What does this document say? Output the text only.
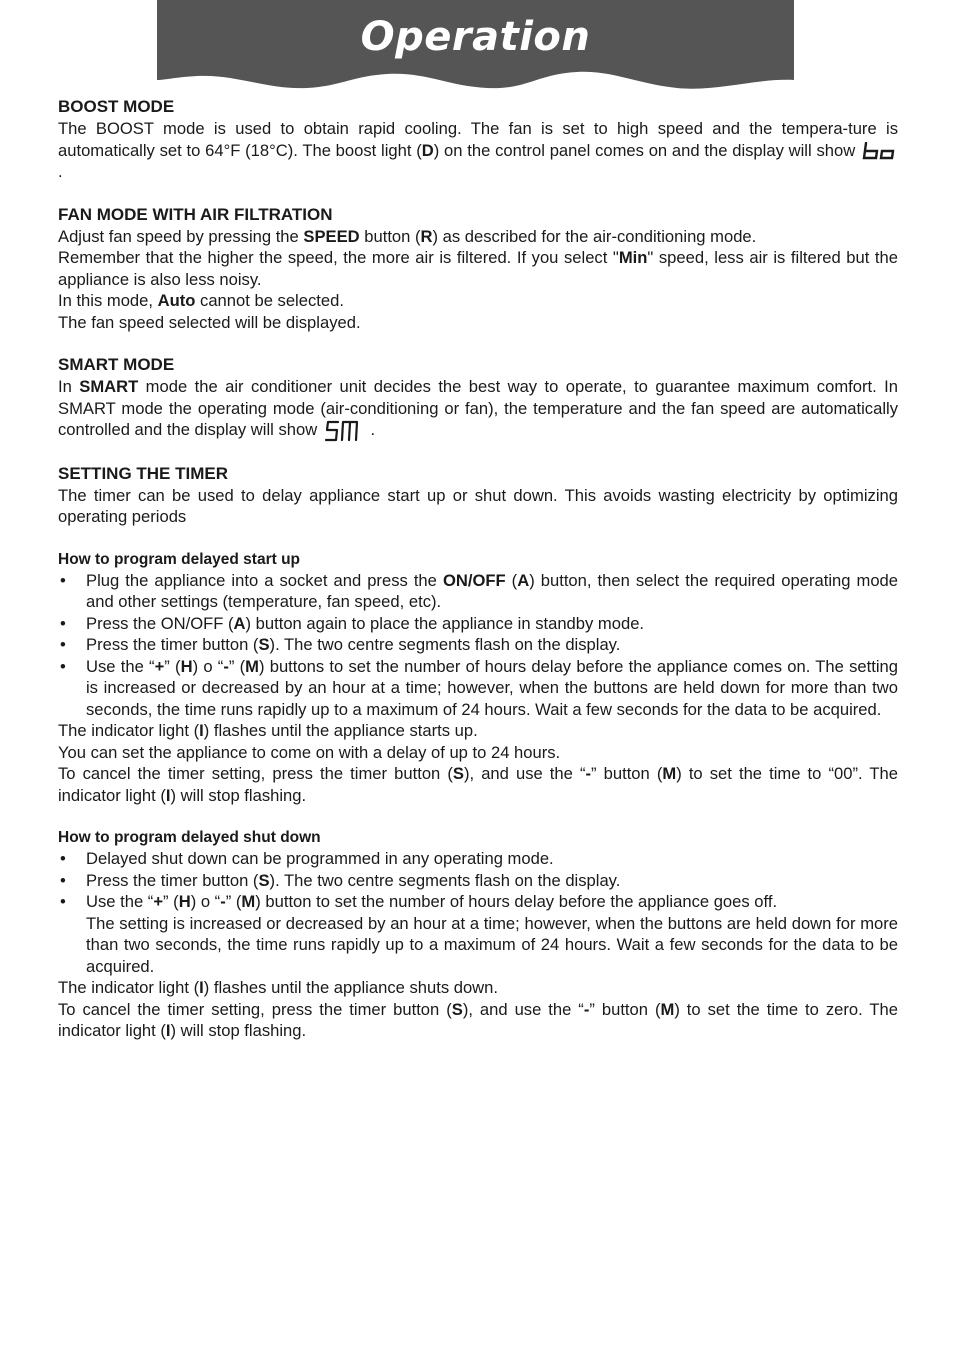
Operation
BOOST MODE

The BOOST mode is used to obtain rapid cooling. The fan is set to high speed and the tempera-ture is automatically set to 64°F (18°C). The boost light (D) on the control panel comes on and the display will show .

FAN MODE WITH AIR FILTRATION

Adjust fan speed by pressing the SPEED button (R) as described for the air-conditioning mode.

Remember that the higher the speed, the more air is filtered. If you select "Min" speed, less air is filtered but the appliance is also less noisy.

In this mode, Auto cannot be selected.

The fan speed selected will be displayed.

SMART MODE

In SMART mode the air conditioner unit decides the best way to operate, to guarantee maximum comfort. In SMART mode the operating mode (air-conditioning or fan), the temperature and the fan speed are automatically controlled and the display will show	.

SETTING THE TIMER

The timer can be used to delay appliance start up or shut down. This avoids wasting electricity by optimizing operating periods

How to program delayed start up
• Plug the appliance into a socket and press the ON/OFF (A) button, then select the required operating mode and other settings (temperature, fan speed, etc).
• Press the ON/OFF (A) button again to place the appliance in standby mode.
• Press the timer button (S). The two centre segments flash on the display.
• Use the “+” (H) o “-” (M) buttons to set the number of hours delay before the appliance comes on. The setting is increased or decreased by an hour at a time; however, when the buttons are held down for more than two seconds, the time runs rapidly up to a maximum of 24 hours. Wait a few seconds for the data to be acquired.

The indicator light (I) flashes until the appliance starts up.

You can set the appliance to come on with a delay of up to 24 hours.

To cancel the timer setting, press the timer button (S), and use the “-” button (M) to set the time to “00”. The indicator light (I) will stop flashing.

How to program delayed shut down
• Delayed shut down can be programmed in any operating mode.
• Press the timer button (S). The two centre segments flash on the display.
• Use the “+” (H) o “-” (M) button to set the number of hours delay before the appliance goes off.
The setting is increased or decreased by an hour at a time; however, when the buttons are held down for more than two seconds, the time runs rapidly up to a maximum of 24 hours. Wait a few seconds for the data to be acquired.

The indicator light (I) flashes until the appliance shuts down.

To cancel the timer setting, press the timer button (S), and use the “-” button (M) to set the time to zero. The indicator light (I) will stop flashing.
